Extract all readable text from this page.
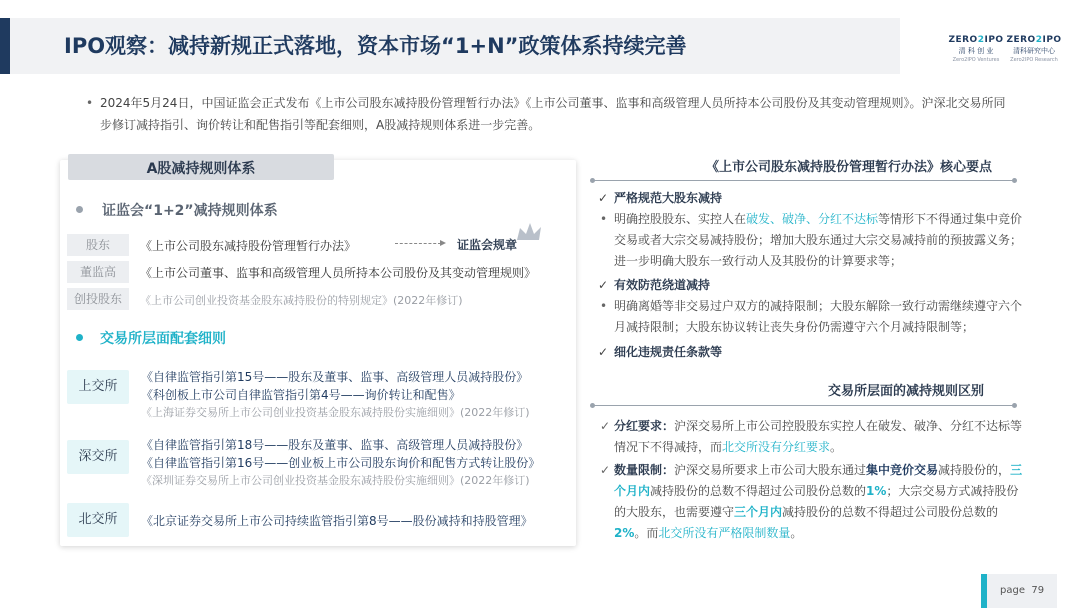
IPO观察：减持新规正式落地，资本市场“1+N”政策体系持续完善	ZERO2IPO
清 科 创 业
Zero2IPO Ventures
ZERO2IPO
清科研究中心
Zero2IPO Research
• 2024年5月24日，中国证监会正式发布《上市公司股东减持股份管理暂行办法》《上市公司董事、监事和高级管理人员所持本公司股份及其变动管理规则》。沪深北交易所同步修订减持指引、询价转让和配售指引等配套细则，A股减持规则体系进一步完善。
A股减持规则体系
证监会“1+2”减持规则体系
股东	《上市公司股东减持股份管理暂行办法》	证监会规章
董监高	《上市公司董事、监事和高级管理人员所持本公司股份及其变动管理规则》
创投股东	《上市公司创业投资基金股东减持股份的特别规定》(2022年修订)
交易所层面配套细则
上交所
《自律监管指引第15号——股东及董事、监事、高级管理人员减持股份》
《科创板上市公司自律监管指引第4号——询价转让和配售》
《上海证券交易所上市公司创业投资基金股东减持股份实施细则》(2022年修订)
深交所
《自律监管指引第18号——股东及董事、监事、高级管理人员减持股份》
《自律监管指引第16号——创业板上市公司股东询价和配售方式转让股份》
《深圳证券交易所上市公司创业投资基金股东减持股份实施细则》(2022年修订)
北交所	《北京证券交易所上市公司持续监管指引第8号——股份减持和持股管理》
《上市公司股东减持股份管理暂行办法》核心要点
✓ 严格规范大股东减持
• 明确控股股东、实控人在破发、破净、分红不达标等情形下不得通过集中竞价交易或者大宗交易减持股份；增加大股东通过大宗交易减持前的预披露义务；进一步明确大股东一致行动人及其股份的计算要求等；
✓ 有效防范绕道减持
• 明确离婚等非交易过户双方的减持限制；大股东解除一致行动需继续遵守六个月减持限制；大股东协议转让丧失身份仍需遵守六个月减持限制等；
✓ 细化违规责任条款等
交易所层面的减持规则区别
✓ 分红要求：沪深交易所上市公司控股股东实控人在破发、破净、分红不达标等情况下不得减持，而北交所没有分红要求。
✓ 数量限制：沪深交易所要求上市公司大股东通过集中竞价交易减持股份的，三个月内减持股份的总数不得超过公司股份总数的1%；大宗交易方式减持股份的大股东，也需要遵守三个月内减持股份的总数不得超过公司股份总数的2%。而北交所没有严格限制数量。
page 79
